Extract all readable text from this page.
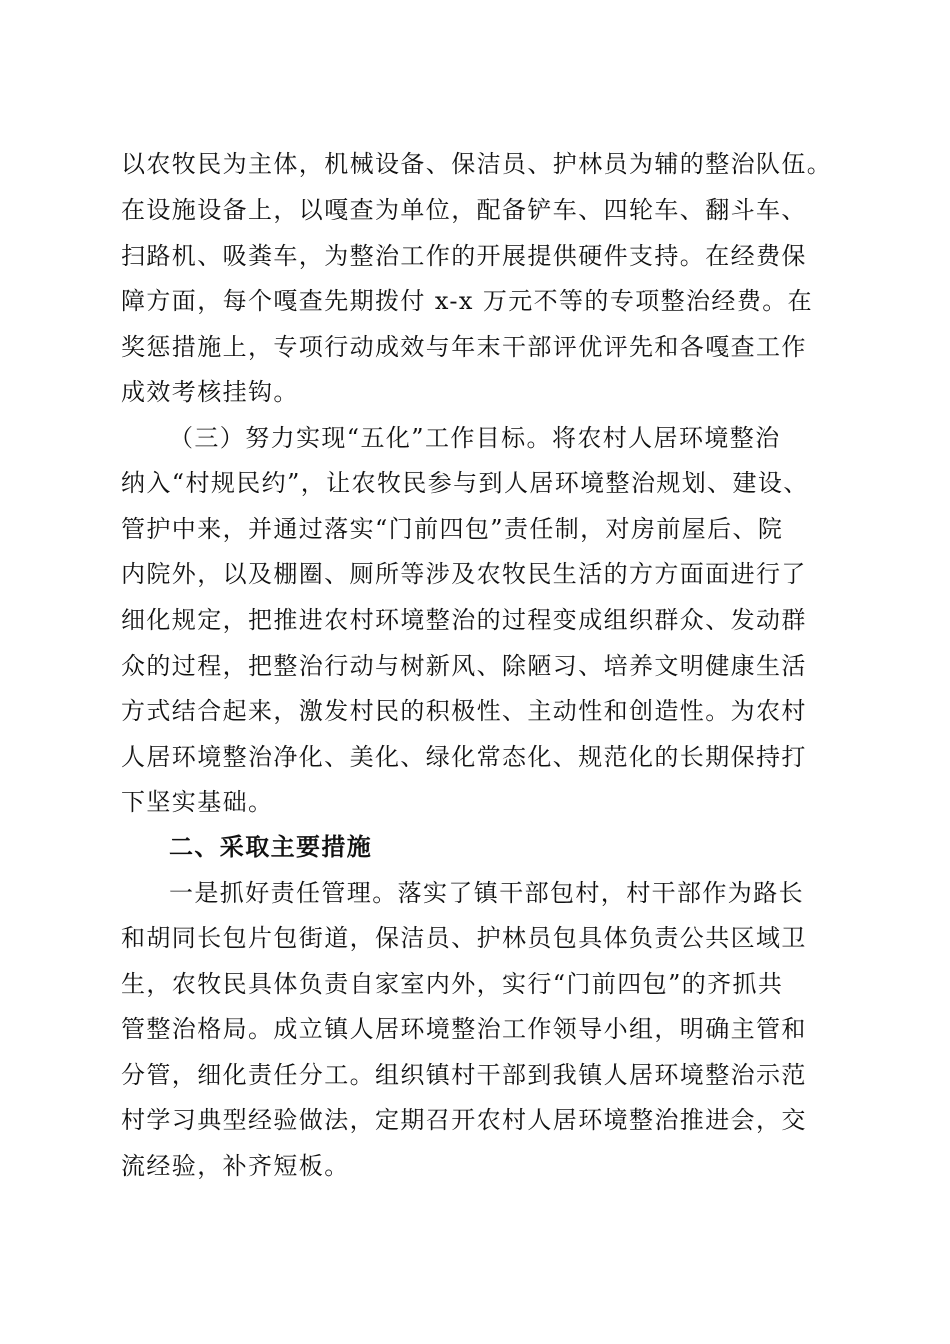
以农牧民为主体，机械设备、保洁员、护林员为辅的整治队伍。
在设施设备上，以嘎查为单位，配备铲车、四轮车、翻斗车、
扫路机、吸粪车，为整治工作的开展提供硬件支持。在经费保
障方面，每个嘎查先期拨付 x-x 万元不等的专项整治经费。在
奖惩措施上，专项行动成效与年末干部评优评先和各嘎查工作
成效考核挂钩。
（三）努力实现“五化”工作目标。将农村人居环境整治
纳入“村规民约”，让农牧民参与到人居环境整治规划、建设、
管护中来，并通过落实“门前四包”责任制，对房前屋后、院
内院外，以及棚圈、厕所等涉及农牧民生活的方方面面进行了
细化规定，把推进农村环境整治的过程变成组织群众、发动群
众的过程，把整治行动与树新风、除陋习、培养文明健康生活
方式结合起来，激发村民的积极性、主动性和创造性。为农村
人居环境整治净化、美化、绿化常态化、规范化的长期保持打
下坚实基础。
二、采取主要措施
一是抓好责任管理。落实了镇干部包村，村干部作为路长
和胡同长包片包街道，保洁员、护林员包具体负责公共区域卫
生，农牧民具体负责自家室内外，实行“门前四包”的齐抓共
管整治格局。成立镇人居环境整治工作领导小组，明确主管和
分管，细化责任分工。组织镇村干部到我镇人居环境整治示范
村学习典型经验做法，定期召开农村人居环境整治推进会，交
流经验，补齐短板。
